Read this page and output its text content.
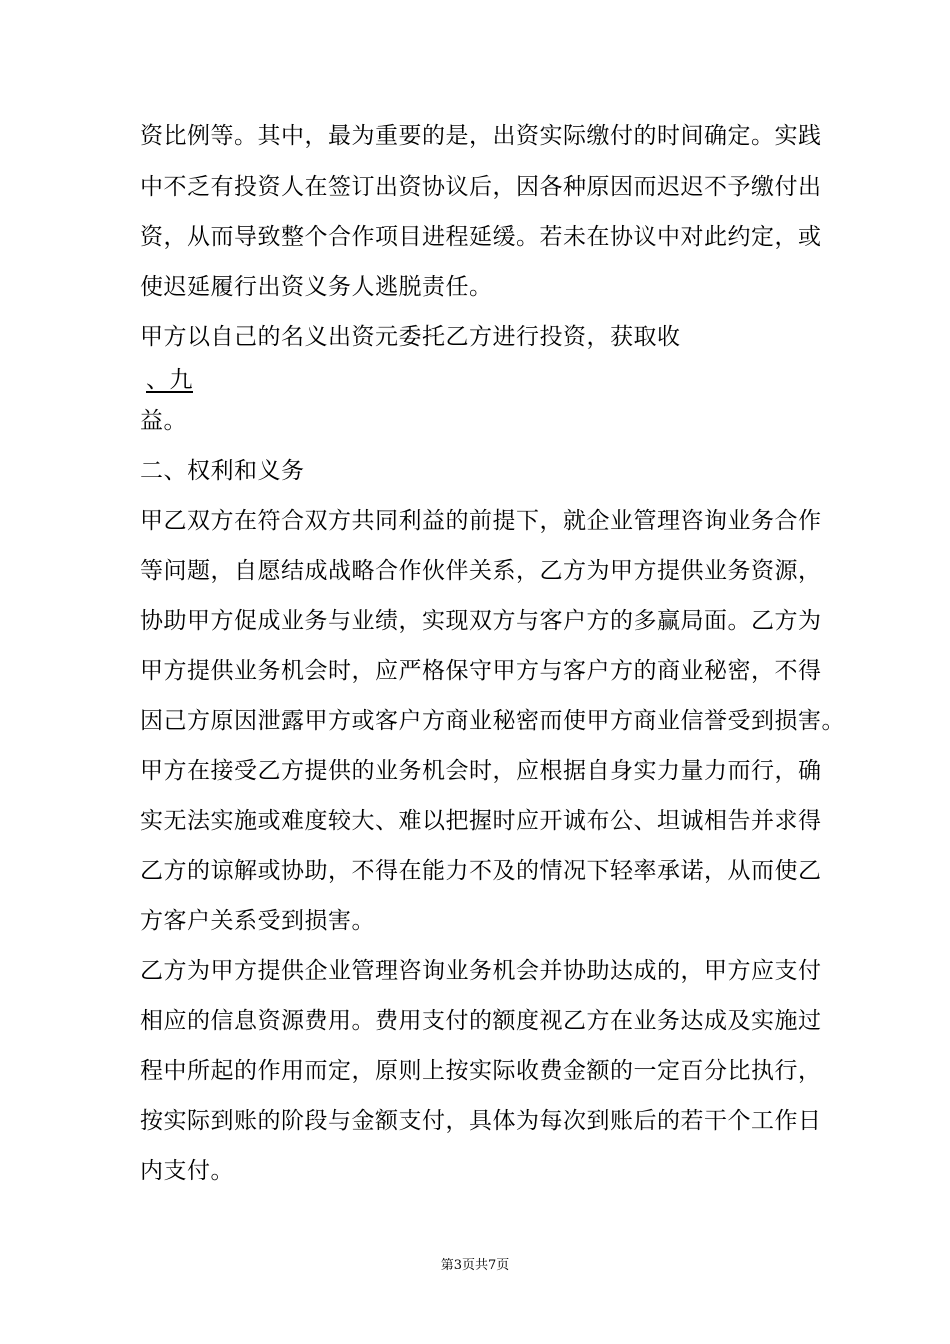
资比例等。其中，最为重要的是，出资实际缴付的时间确定。实践
中不乏有投资人在签订出资协议后，因各种原因而迟迟不予缴付出
资，从而导致整个合作项目进程延缓。若未在协议中对此约定，或
使迟延履行出资义务人逃脱责任。
甲方以自己的名义出资元委托乙方进行投资，获取收
、九
益。
二、权利和义务
甲乙双方在符合双方共同利益的前提下，就企业管理咨询业务合作
等问题，自愿结成战略合作伙伴关系，乙方为甲方提供业务资源，
协助甲方促成业务与业绩，实现双方与客户方的多赢局面。乙方为
甲方提供业务机会时，应严格保守甲方与客户方的商业秘密，不得
因己方原因泄露甲方或客户方商业秘密而使甲方商业信誉受到损害。
甲方在接受乙方提供的业务机会时，应根据自身实力量力而行，确
实无法实施或难度较大、难以把握时应开诚布公、坦诚相告并求得
乙方的谅解或协助，不得在能力不及的情况下轻率承诺，从而使乙
方客户关系受到损害。
乙方为甲方提供企业管理咨询业务机会并协助达成的，甲方应支付
相应的信息资源费用。费用支付的额度视乙方在业务达成及实施过
程中所起的作用而定，原则上按实际收费金额的一定百分比执行，
按实际到账的阶段与金额支付，具体为每次到账后的若干个工作日
内支付。
第3页共7页
